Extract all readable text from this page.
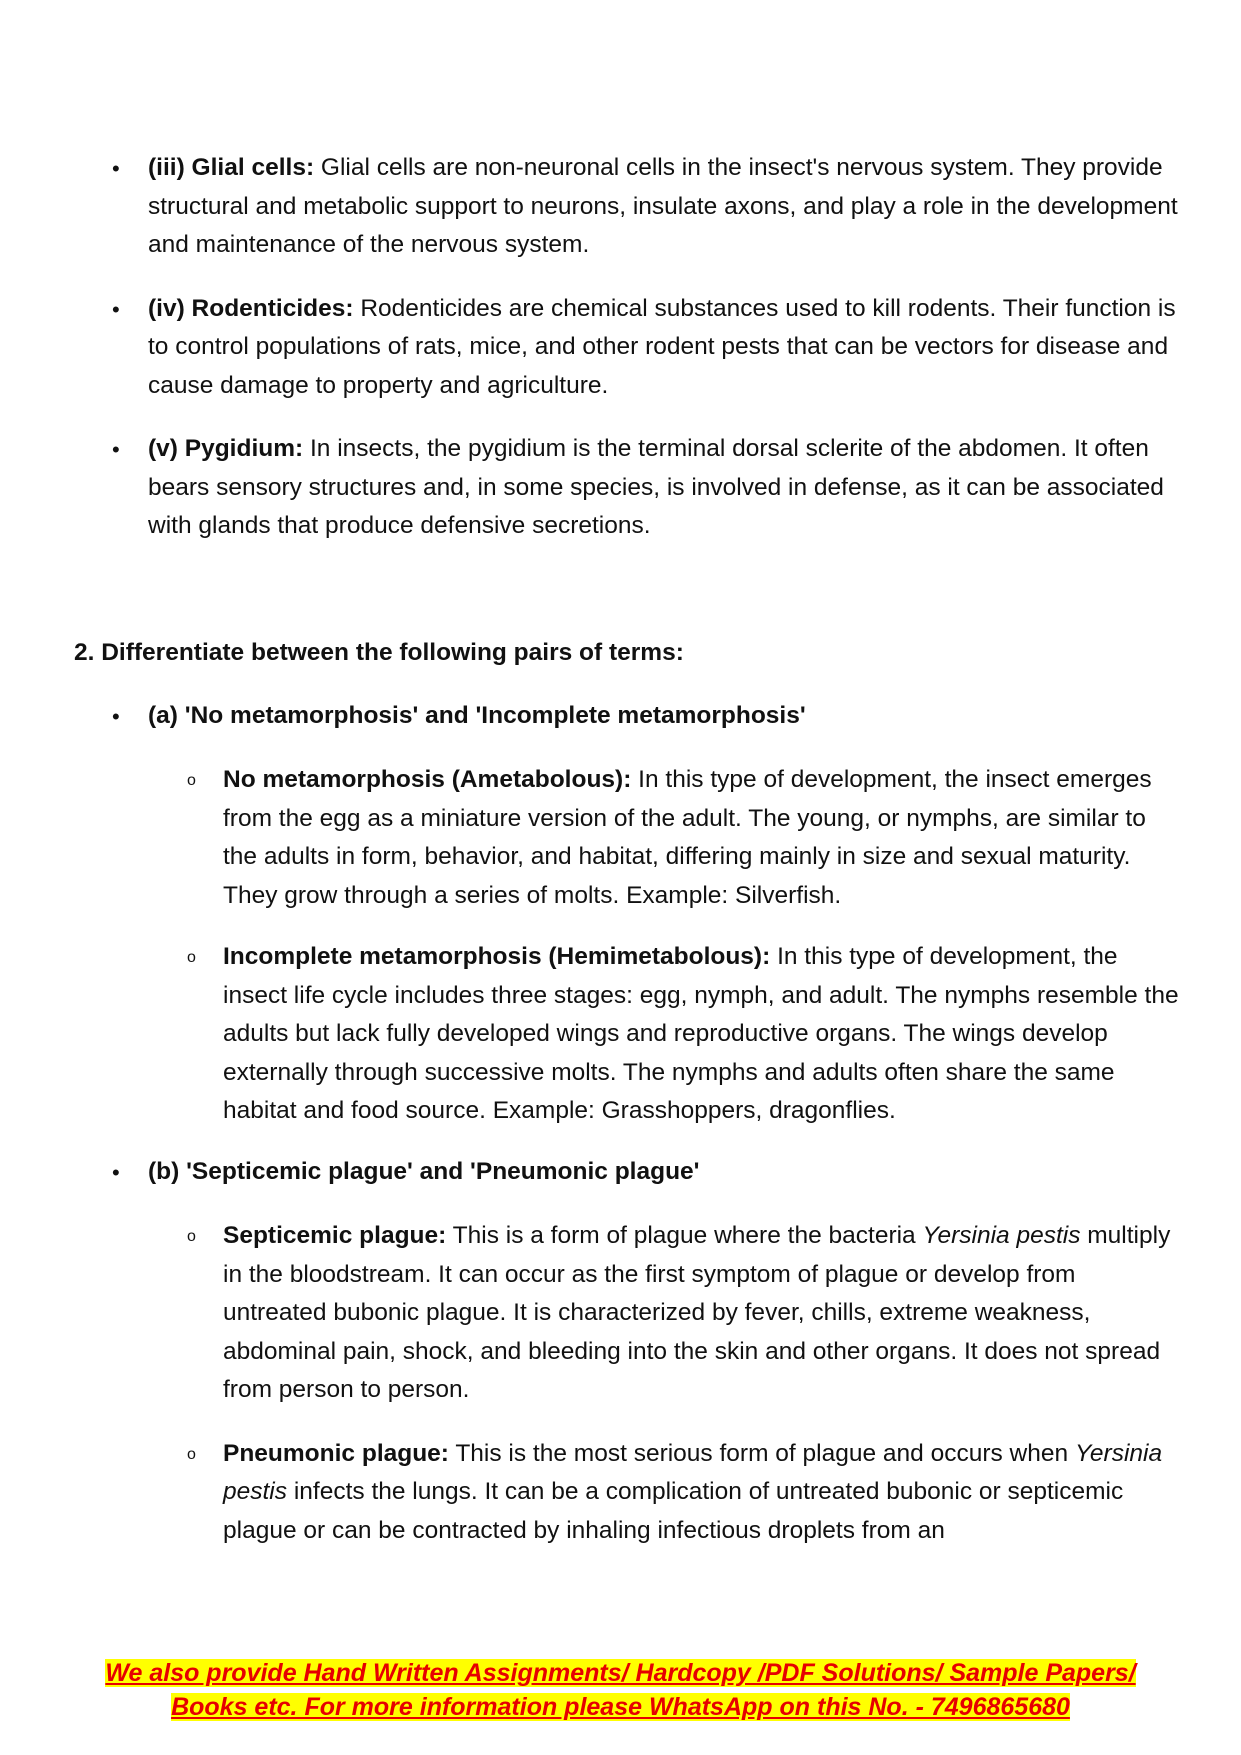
• (iii) Glial cells: Glial cells are non-neuronal cells in the insect's nervous system. They provide structural and metabolic support to neurons, insulate axons, and play a role in the development and maintenance of the nervous system.

• (iv) Rodenticides: Rodenticides are chemical substances used to kill rodents. Their function is to control populations of rats, mice, and other rodent pests that can be vectors for disease and cause damage to property and agriculture.

• (v) Pygidium: In insects, the pygidium is the terminal dorsal sclerite of the abdomen. It often bears sensory structures and, in some species, is involved in defense, as it can be associated with glands that produce defensive secretions.

2. Differentiate between the following pairs of terms:

• (a) 'No metamorphosis' and 'Incomplete metamorphosis'

o No metamorphosis (Ametabolous): In this type of development, the insect emerges from the egg as a miniature version of the adult. The young, or nymphs, are similar to the adults in form, behavior, and habitat, differing mainly in size and sexual maturity. They grow through a series of molts. Example: Silverfish.

o Incomplete metamorphosis (Hemimetabolous): In this type of development, the insect life cycle includes three stages: egg, nymph, and adult. The nymphs resemble the adults but lack fully developed wings and reproductive organs. The wings develop externally through successive molts. The nymphs and adults often share the same habitat and food source. Example: Grasshoppers, dragonflies.

• (b) 'Septicemic plague' and 'Pneumonic plague'

o Septicemic plague: This is a form of plague where the bacteria Yersinia pestis multiply in the bloodstream. It can occur as the first symptom of plague or develop from untreated bubonic plague. It is characterized by fever, chills, extreme weakness, abdominal pain, shock, and bleeding into the skin and other organs. It does not spread from person to person.

o Pneumonic plague: This is the most serious form of plague and occurs when Yersinia pestis infects the lungs. It can be a complication of untreated bubonic or septicemic plague or can be contracted by inhaling infectious droplets from an

We also provide Hand Written Assignments/ Hardcopy /PDF Solutions/ Sample Papers/
Books etc. For more information please WhatsApp on this No. - 7496865680
